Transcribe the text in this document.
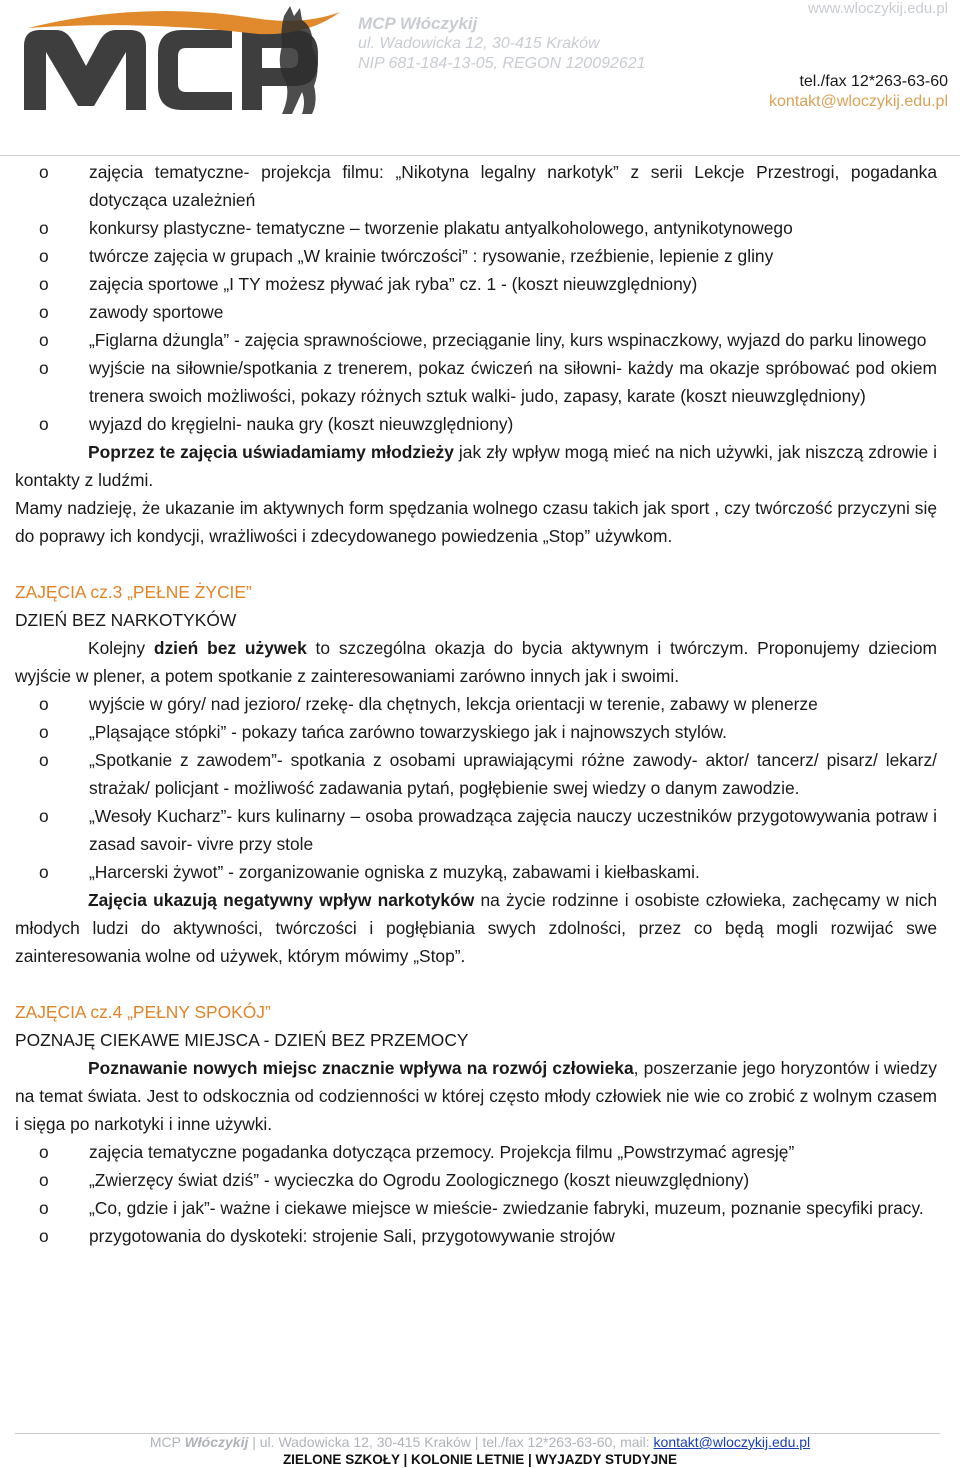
MCP Włóczykij
ul. Wadowicka 12, 30-415 Kraków
NIP 681-184-13-05, REGON 120092621
www.wloczykij.edu.pl
tel./fax 12*263-63-60
kontakt@wloczykij.edu.pl
o zajęcia tematyczne- projekcja filmu: „Nikotyna legalny narkotyk” z serii Lekcje Przestrogi, pogadanka dotycząca uzależnień
o konkursy plastyczne- tematyczne – tworzenie plakatu antyalkoholowego, antynikotynowego
o twórcze zajęcia w grupach „W krainie twórczości” : rysowanie, rzeźbienie, lepienie z gliny
o zajęcia sportowe „I TY możesz pływać jak ryba” cz. 1 - (koszt nieuwzględniony)
o zawody sportowe
o „Figlarna dżungla” - zajęcia sprawnościowe, przeciąganie liny, kurs wspinaczkowy, wyjazd do parku linowego
o wyjście na siłownie/spotkania z trenerem, pokaz ćwiczeń na siłowni- każdy ma okazje spróbować pod okiem trenera swoich możliwości, pokazy różnych sztuk walki- judo, zapasy, karate (koszt nieuwzględniony)
o wyjazd do kręgielni- nauka gry (koszt nieuwzględniony)

Poprzez te zajęcia uświadamiamy młodzieży jak zły wpływ mogą mieć na nich używki, jak niszczą zdrowie i kontakty z ludźmi.

Mamy nadzieję, że ukazanie im aktywnych form spędzania wolnego czasu takich jak sport , czy twórczość przyczyni się do poprawy ich kondycji, wrażliwości i zdecydowanego powiedzenia „Stop” używkom.

ZAJĘCIA cz.3 „PEŁNE ŻYCIE”
DZIEŃ BEZ NARKOTYKÓW

Kolejny dzień bez używek to szczególna okazja do bycia aktywnym i twórczym. Proponujemy dzieciom wyjście w plener, a potem spotkanie z zainteresowaniami zarówno innych jak i swoimi.

o wyjście w góry/ nad jezioro/ rzekę- dla chętnych, lekcja orientacji w terenie, zabawy w plenerze
o „Pląsające stópki” - pokazy tańca zarówno towarzyskiego jak i najnowszych stylów.
o „Spotkanie z zawodem”- spotkania z osobami uprawiającymi różne zawody- aktor/ tancerz/ pisarz/ lekarz/ strażak/ policjant - możliwość zadawania pytań, pogłębienie swej wiedzy o danym zawodzie.
o „Wesoły Kucharz”- kurs kulinarny – osoba prowadząca zajęcia nauczy uczestników przygotowywania potraw i zasad savoir- vivre przy stole
o „Harcerski żywot” - zorganizowanie ogniska z muzyką, zabawami i kiełbaskami.

Zajęcia ukazują negatywny wpływ narkotyków na życie rodzinne i osobiste człowieka, zachęcamy w nich młodych ludzi do aktywności, twórczości i pogłębiania swych zdolności, przez co będą mogli rozwijać swe zainteresowania wolne od używek, którym mówimy „Stop”.

ZAJĘCIA cz.4 „PEŁNY SPOKÓJ”
POZNAJĘ CIEKAWE MIEJSCA - DZIEŃ BEZ PRZEMOCY

Poznawanie nowych miejsc znacznie wpływa na rozwój człowieka, poszerzanie jego horyzontów i wiedzy na temat świata. Jest to odskocznia od codzienności w której często młody człowiek nie wie co zrobić z wolnym czasem i sięga po narkotyki i inne używki.

o zajęcia tematyczne pogadanka dotycząca przemocy. Projekcja filmu „Powstrzymać agresję”
o „Zwierzęcy świat dziś” - wycieczka do Ogrodu Zoologicznego (koszt nieuwzględniony)
o „Co, gdzie i jak”- ważne i ciekawe miejsce w mieście- zwiedzanie fabryki, muzeum, poznanie specyfiki pracy.
o przygotowania do dyskoteki: strojenie Sali, przygotowywanie strojów
MCP Włóczykij | ul. Wadowicka 12, 30-415 Kraków | tel./fax 12*263-63-60, mail: kontakt@wloczykij.edu.pl
ZIELONE SZKOŁY | KOLONIE LETNIE | WYJAZDY STUDYJNE
